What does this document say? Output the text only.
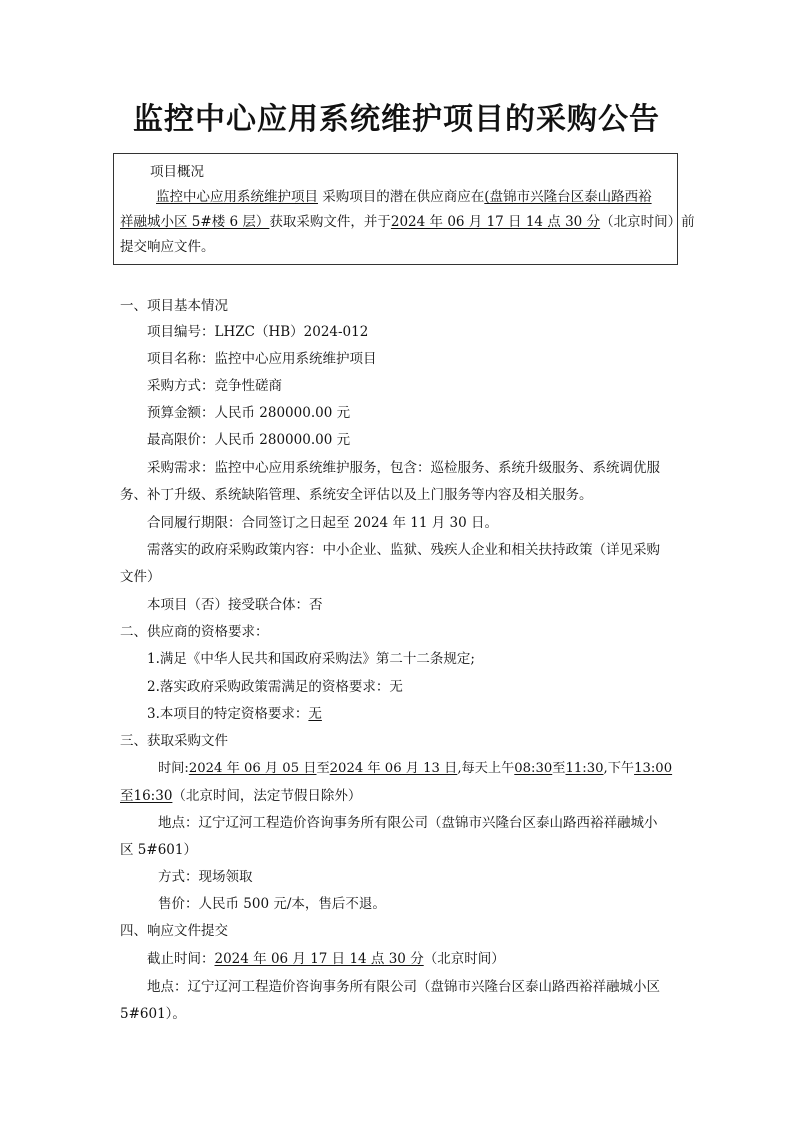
监控中心应用系统维护项目的采购公告
项目概况
监控中心应用系统维护项目 采购项目的潜在供应商应在(盘锦市兴隆台区泰山路西裕
祥融城小区 5#楼 6 层）获取采购文件，并于2024 年 06 月 17 日 14 点 30 分（北京时间）前
提交响应文件。
一、项目基本情况
项目编号：LHZC（HB）2024-012
项目名称：监控中心应用系统维护项目
采购方式：竞争性磋商
预算金额：人民币 280000.00 元
最高限价：人民币 280000.00 元
采购需求：监控中心应用系统维护服务，包含：巡检服务、系统升级服务、系统调优服
务、补丁升级、系统缺陷管理、系统安全评估以及上门服务等内容及相关服务。
合同履行期限：合同签订之日起至 2024 年 11 月 30 日。
需落实的政府采购政策内容：中小企业、监狱、残疾人企业和相关扶持政策（详见采购
文件）
本项目（否）接受联合体：否
二、供应商的资格要求：
1.满足《中华人民共和国政府采购法》第二十二条规定;
2.落实政府采购政策需满足的资格要求：无
3.本项目的特定资格要求：无
三、获取采购文件
时间:2024 年 06 月 05 日至2024 年 06 月 13 日,每天上午08:30至11:30,下午13:00
至16:30（北京时间，法定节假日除外）
地点：辽宁辽河工程造价咨询事务所有限公司（盘锦市兴隆台区泰山路西裕祥融城小
区 5#601）
方式：现场领取
售价：人民币 500 元/本，售后不退。
四、响应文件提交
截止时间：2024 年 06 月 17 日 14 点 30 分（北京时间）
地点：辽宁辽河工程造价咨询事务所有限公司（盘锦市兴隆台区泰山路西裕祥融城小区
5#601）。
